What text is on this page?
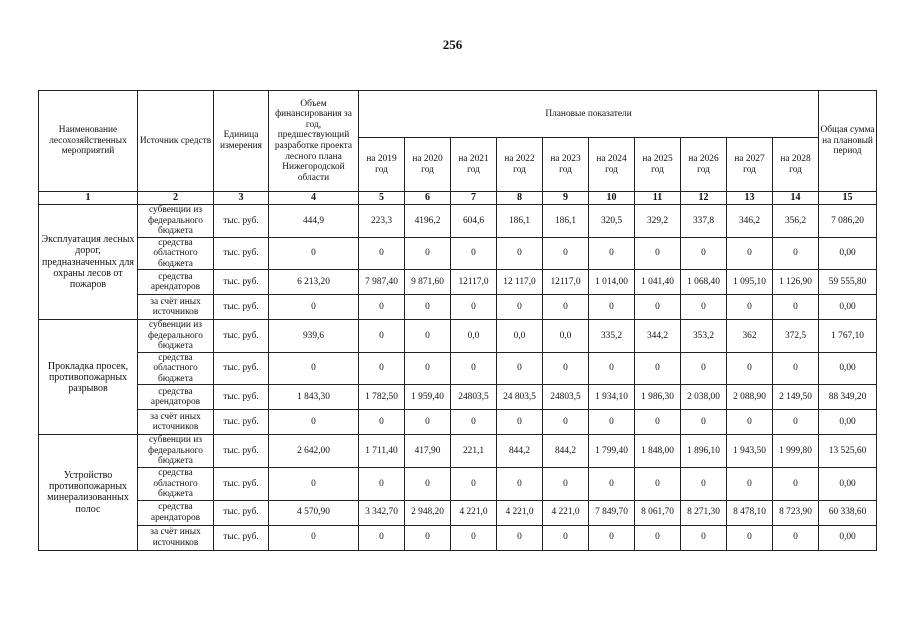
256
Наименование лесохозяйственных мероприятий	Источник средств	Единица измерения	Объем финансирования за год, предшествующий разработке проекта лесного плана Нижегородской области	Плановые показатели										Общая сумма на плановый период
				на 2019 год	на 2020 год	на 2021 год	на 2022 год	на 2023 год	на 2024 год	на 2025 год	на 2026 год	на 2027 год	на 2028 год	
1	2	3	4	5	6	7	8	9	10	11	12	13	14	15
Эксплуатация лесных дорог, предназначенных для охраны лесов от пожаров	субвенции из федерального бюджета	тыс. руб.	444,9	223,3	4196,2	604,6	186,1	186,1	320,5	329,2	337,8	346,2	356,2	7 086,20
	средства областного бюджета	тыс. руб.	0	0	0	0	0	0	0	0	0	0	0	0,00
	средства арендаторов	тыс. руб.	6 213,20	7 987,40	9 871,60	12117,0	12 117,0	12117,0	1 014,00	1 041,40	1 068,40	1 095,10	1 126,90	59 555,80
	за счёт иных источников	тыс. руб.	0	0	0	0	0	0	0	0	0	0	0	0,00
Прокладка просек, противопожарных разрывов	субвенции из федерального бюджета	тыс. руб.	939,6	0	0	0,0	0,0	0,0	335,2	344,2	353,2	362	372,5	1 767,10
	средства областного бюджета	тыс. руб.	0	0	0	0	0	0	0	0	0	0	0	0,00
	средства арендаторов	тыс. руб.	1 843,30	1 782,50	1 959,40	24803,5	24 803,5	24803,5	1 934,10	1 986,30	2 038,00	2 088,90	2 149,50	88 349,20
	за счёт иных источников	тыс. руб.	0	0	0	0	0	0	0	0	0	0	0	0,00
Устройство противопожарных минерализованных полос	субвенции из федерального бюджета	тыс. руб.	2 642,00	1 711,40	417,90	221,1	844,2	844,2	1 799,40	1 848,00	1 896,10	1 943,50	1 999,80	13 525,60
	средства областного бюджета	тыс. руб.	0	0	0	0	0	0	0	0	0	0	0	0,00
	средства арендаторов	тыс. руб.	4 570,90	3 342,70	2 948,20	4 221,0	4 221,0	4 221,0	7 849,70	8 061,70	8 271,30	8 478,10	8 723,90	60 338,60
	за счёт иных источников	тыс. руб.	0	0	0	0	0	0	0	0	0	0	0	0,00
